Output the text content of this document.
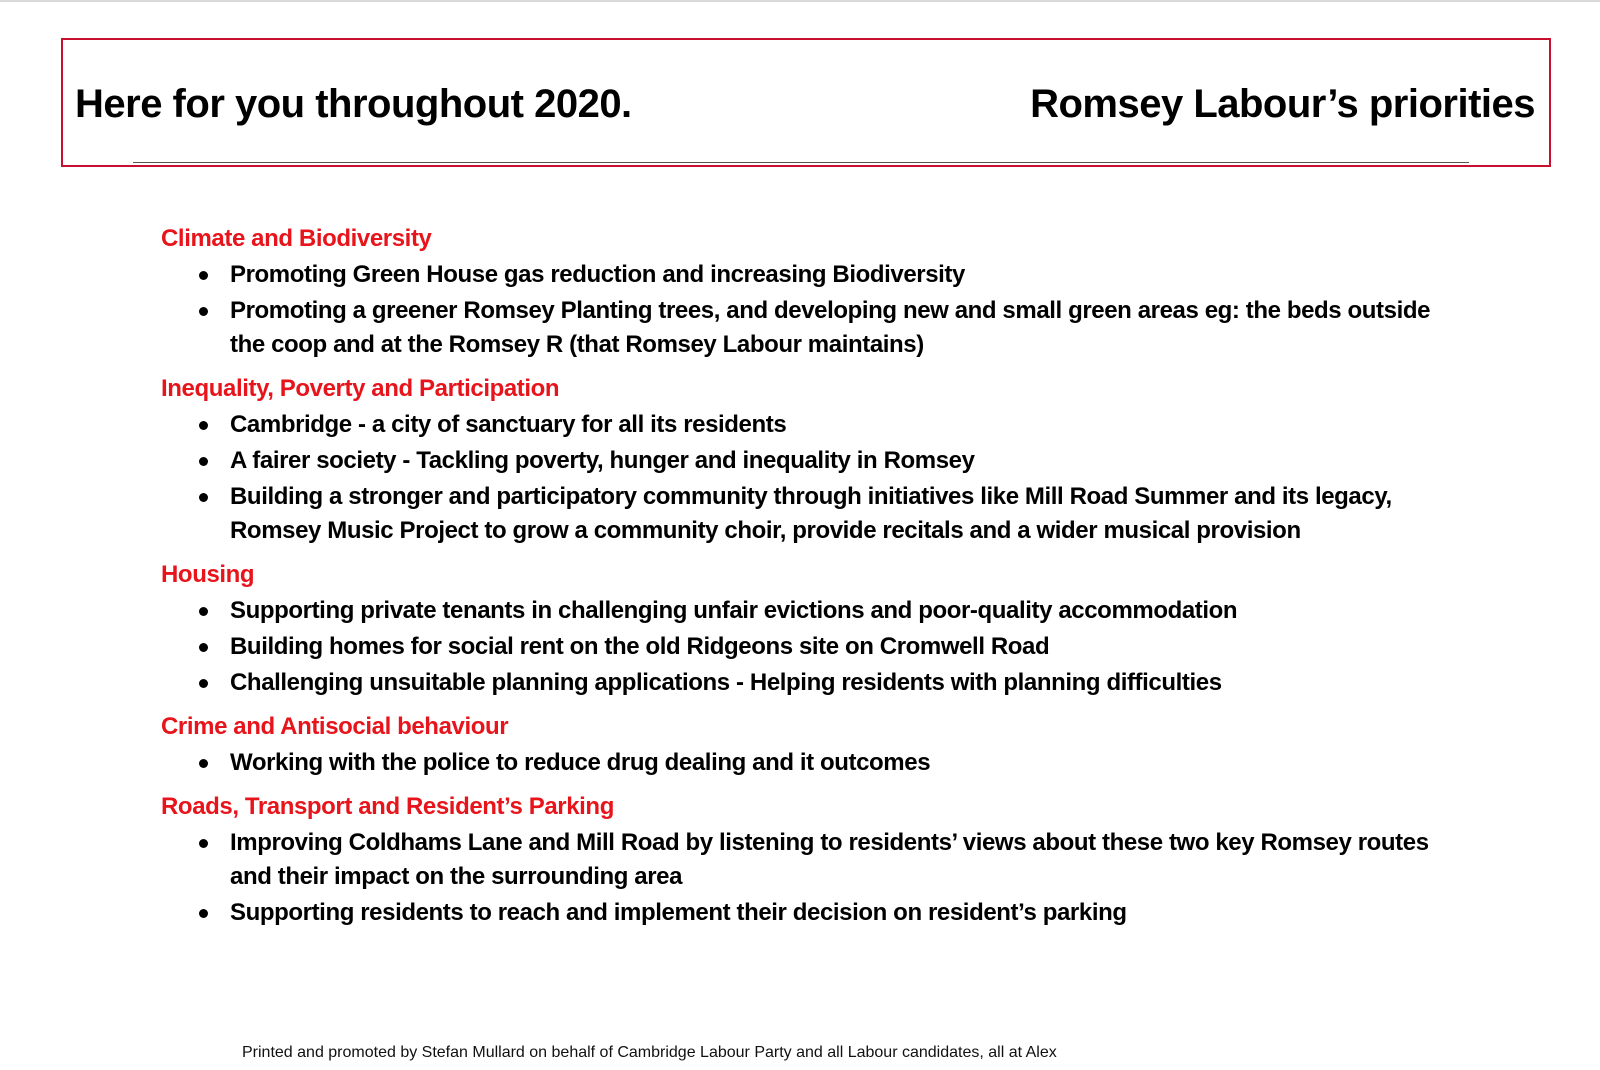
Here for you throughout 2020.	Romsey Labour’s priorities
Climate and Biodiversity
Promoting Green House gas reduction and increasing Biodiversity
Promoting a greener Romsey Planting trees, and developing new and small green areas eg: the beds outside the coop and at the Romsey R (that Romsey Labour maintains)
Inequality, Poverty and Participation
Cambridge - a city of sanctuary for all its residents
A fairer society - Tackling poverty, hunger and inequality in Romsey
Building a stronger and participatory community through initiatives like Mill Road Summer and its legacy, Romsey Music Project to grow a community choir, provide recitals and a wider musical provision
Housing
Supporting private tenants in challenging unfair evictions and poor-quality accommodation
Building homes for social rent on the old Ridgeons site on Cromwell Road
Challenging unsuitable planning applications - Helping residents with planning difficulties
Crime and Antisocial behaviour
Working with the police to reduce drug dealing and it outcomes
Roads, Transport and Resident’s Parking
Improving Coldhams Lane and Mill Road by listening to residents’ views about these two key Romsey routes and their impact on the surrounding area
Supporting residents to reach and implement their decision on resident’s parking
Printed and promoted by Stefan Mullard on behalf of Cambridge Labour Party and all Labour candidates, all at Alex
